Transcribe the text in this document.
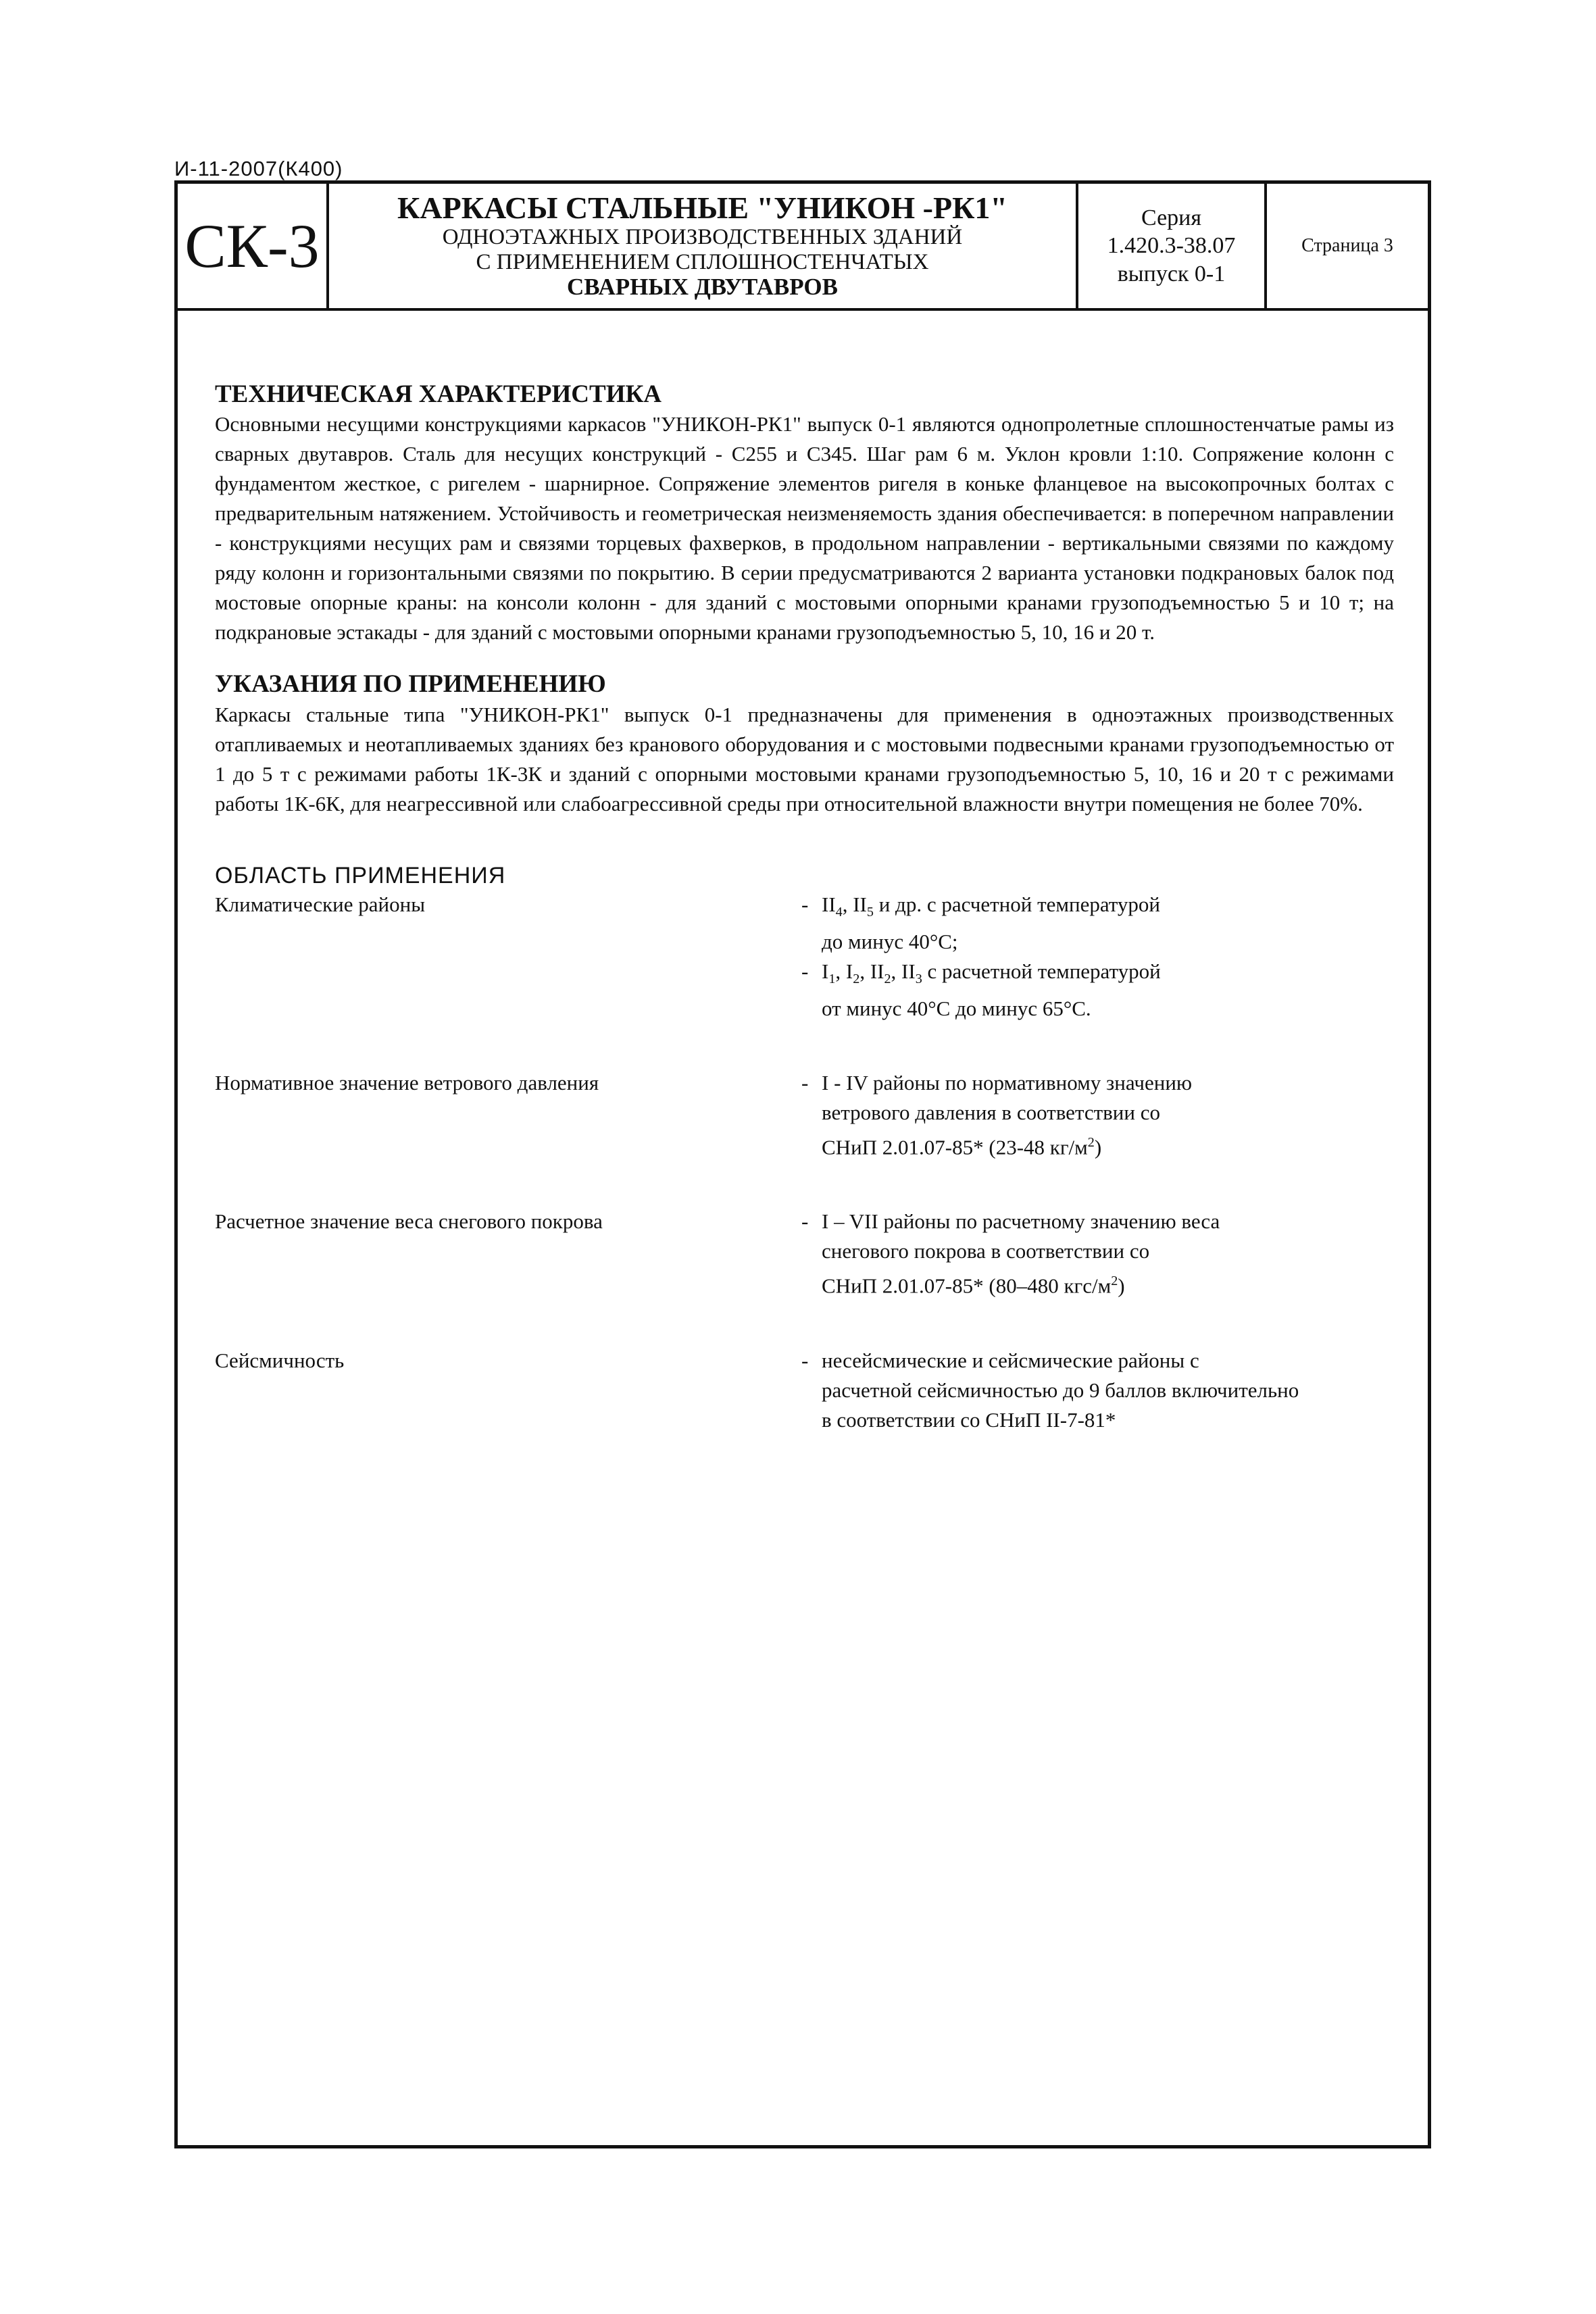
И-11-2007(К400)
СК-3
КАРКАСЫ СТАЛЬНЫЕ "УНИКОН -РК1"
ОДНОЭТАЖНЫХ ПРОИЗВОДСТВЕННЫХ ЗДАНИЙ
С ПРИМЕНЕНИЕМ СПЛОШНОСТЕНЧАТЫХ
СВАРНЫХ ДВУТАВРОВ
Серия
1.420.3-38.07
выпуск 0-1
Страница 3
ТЕХНИЧЕСКАЯ ХАРАКТЕРИСТИКА

Основными несущими конструкциями каркасов "УНИКОН-РК1" выпуск 0-1 являются однопролетные сплошностенчатые рамы из сварных двутавров. Сталь для несущих конструкций - С255 и С345. Шаг рам 6 м. Уклон кровли 1:10. Сопряжение колонн с фундаментом жесткое, с ригелем - шарнирное. Сопряжение элементов ригеля в коньке фланцевое на высокопрочных болтах с предварительным натяжением. Устойчивость и геометрическая неизменяемость здания обеспечивается: в поперечном направлении - конструкциями несущих рам и связями торцевых фахверков, в продольном направлении - вертикальными связями по каждому ряду колонн и горизонтальными связями по покрытию. В серии предусматриваются 2 варианта установки подкрановых балок под мостовые опорные краны: на консоли колонн - для зданий с мостовыми опорными кранами грузоподъемностью 5 и 10 т; на подкрановые эстакады - для зданий с мостовыми опорными кранами грузоподъемностью 5, 10, 16 и 20 т.

УКАЗАНИЯ ПО ПРИМЕНЕНИЮ

Каркасы стальные типа "УНИКОН-РК1" выпуск 0-1 предназначены для применения в одноэтажных производственных отапливаемых и неотапливаемых зданиях без кранового оборудования и с мостовыми подвесными кранами грузоподъемностью от 1 до 5 т с режимами работы 1К-3К и зданий с опорными мостовыми кранами грузоподъемностью 5, 10, 16 и 20 т с режимами работы 1К-6К, для неагрессивной или слабоагрессивной среды при относительной влажности внутри помещения не более 70%.

ОБЛАСТЬ ПРИМЕНЕНИЯ
Климатические районы	- $II_4$, $II_5$ и др. с расчетной температурой
до минус 40°С;
- $I_1$, $I_2$, $II_2$, $II_3$ с расчетной температурой
от минус 40°С до минус 65°С.
Нормативное значение ветрового давления	- I - IV районы по нормативному значению
ветрового давления в соответствии со
СНиП 2.01.07-85* (23-48 $кг/м^2$)
Расчетное значение веса снегового покрова	- I – VII районы по расчетному значению веса
снегового покрова в соответствии со
СНиП 2.01.07-85* (80–480 кгс/$м^2$)
Сейсмичность	- несейсмические и сейсмические районы с
расчетной сейсмичностью до 9 баллов включительно
в соответствии со СНиП II-7-81*
